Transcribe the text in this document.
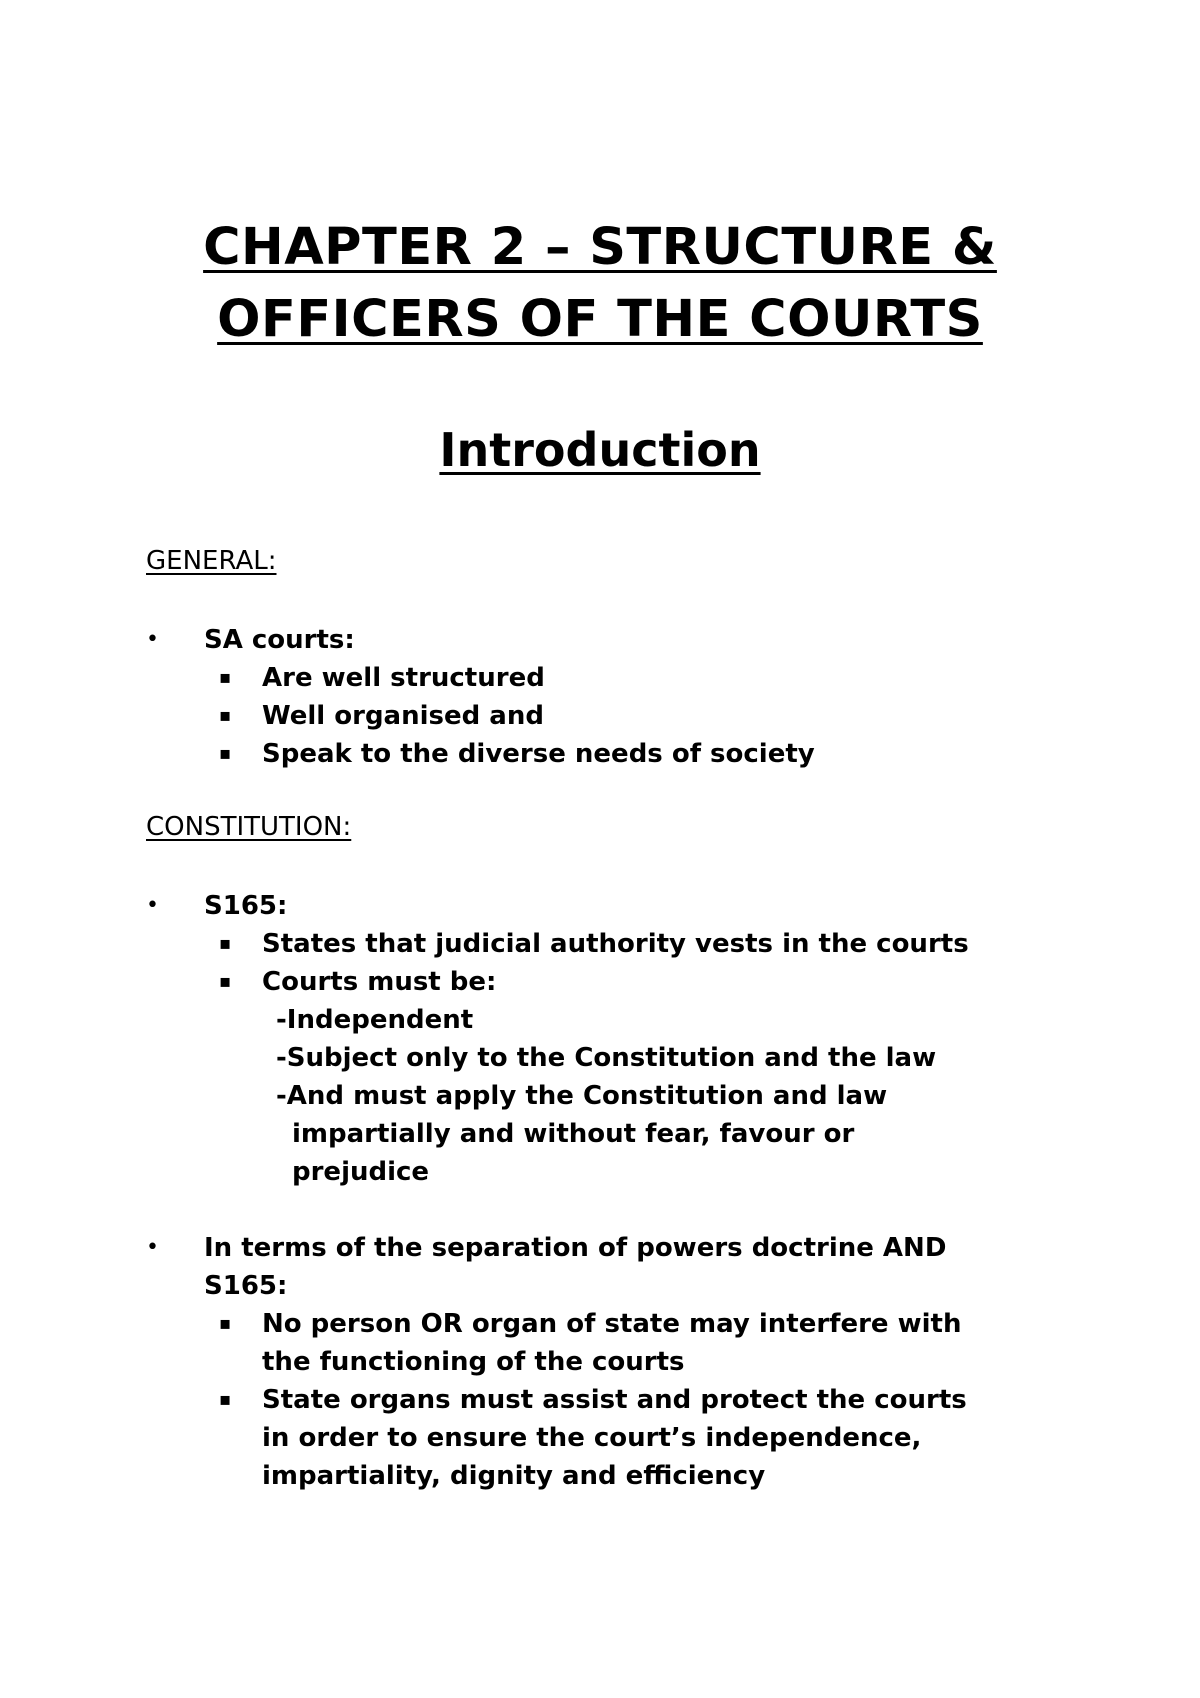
CHAPTER 2 – STRUCTURE &
OFFICERS OF THE COURTS
Introduction
GENERAL:
• SA courts:
▪ Are well structured
▪ Well organised and
▪ Speak to the diverse needs of society
CONSTITUTION:
• S165:
▪ States that judicial authority vests in the courts
▪ Courts must be:
-Independent
-Subject only to the Constitution and the law
-And must apply the Constitution and law
impartially and without fear, favour or
prejudice
• In terms of the separation of powers doctrine AND
S165:
▪ No person OR organ of state may interfere with
the functioning of the courts
▪ State organs must assist and protect the courts
in order to ensure the court’s independence,
impartiality, dignity and efficiency
